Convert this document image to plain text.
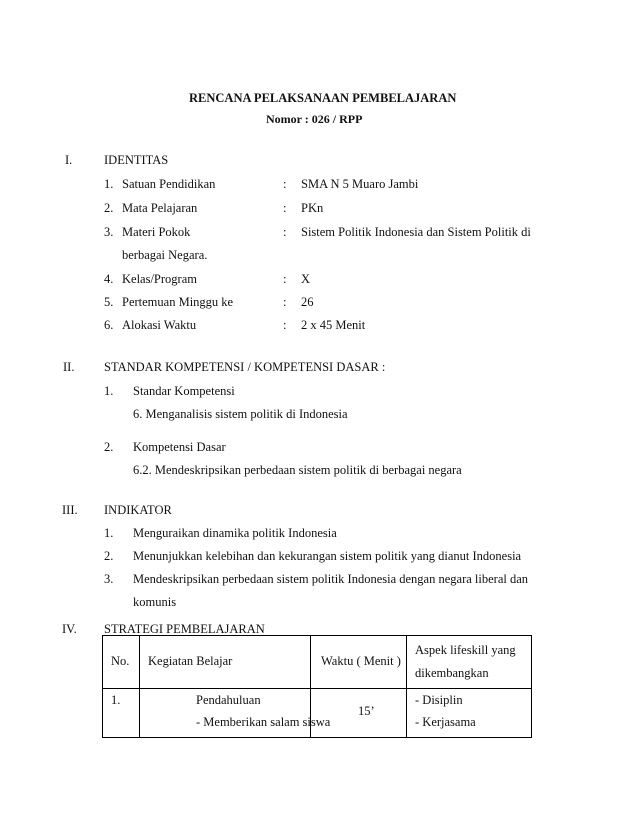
RENCANA PELAKSANAAN PEMBELAJARAN
Nomor : 026 / RPP
I.	IDENTITAS
1. Satuan Pendidikan	: SMA N 5 Muaro Jambi
2. Mata Pelajaran	: PKn
3. Materi Pokok	: Sistem Politik Indonesia dan Sistem Politik di
berbagai Negara.
4. Kelas/Program	: X
5. Pertemuan Minggu ke	: 26
6. Alokasi Waktu	: 2 x 45 Menit
II. STANDAR KOMPETENSI / KOMPETENSI DASAR :
1. Standar Kompetensi
6. Menganalisis sistem politik di Indonesia
2. Kompetensi Dasar
6.2. Mendeskripsikan perbedaan sistem politik di berbagai negara
III. INDIKATOR
1. Menguraikan dinamika politik Indonesia
2. Menunjukkan kelebihan dan kekurangan sistem politik yang dianut Indonesia
3. Mendeskripsikan perbedaan sistem politik Indonesia dengan negara liberal dan
komunis
IV. STRATEGI PEMBELAJARAN
No.	Kegiatan Belajar	Waktu ( Menit )	Aspek lifeskill yang
dikembangkan

1.	Pendahuluan
- Memberikan salam siswa	15’	- Disiplin
- Kerjasama
